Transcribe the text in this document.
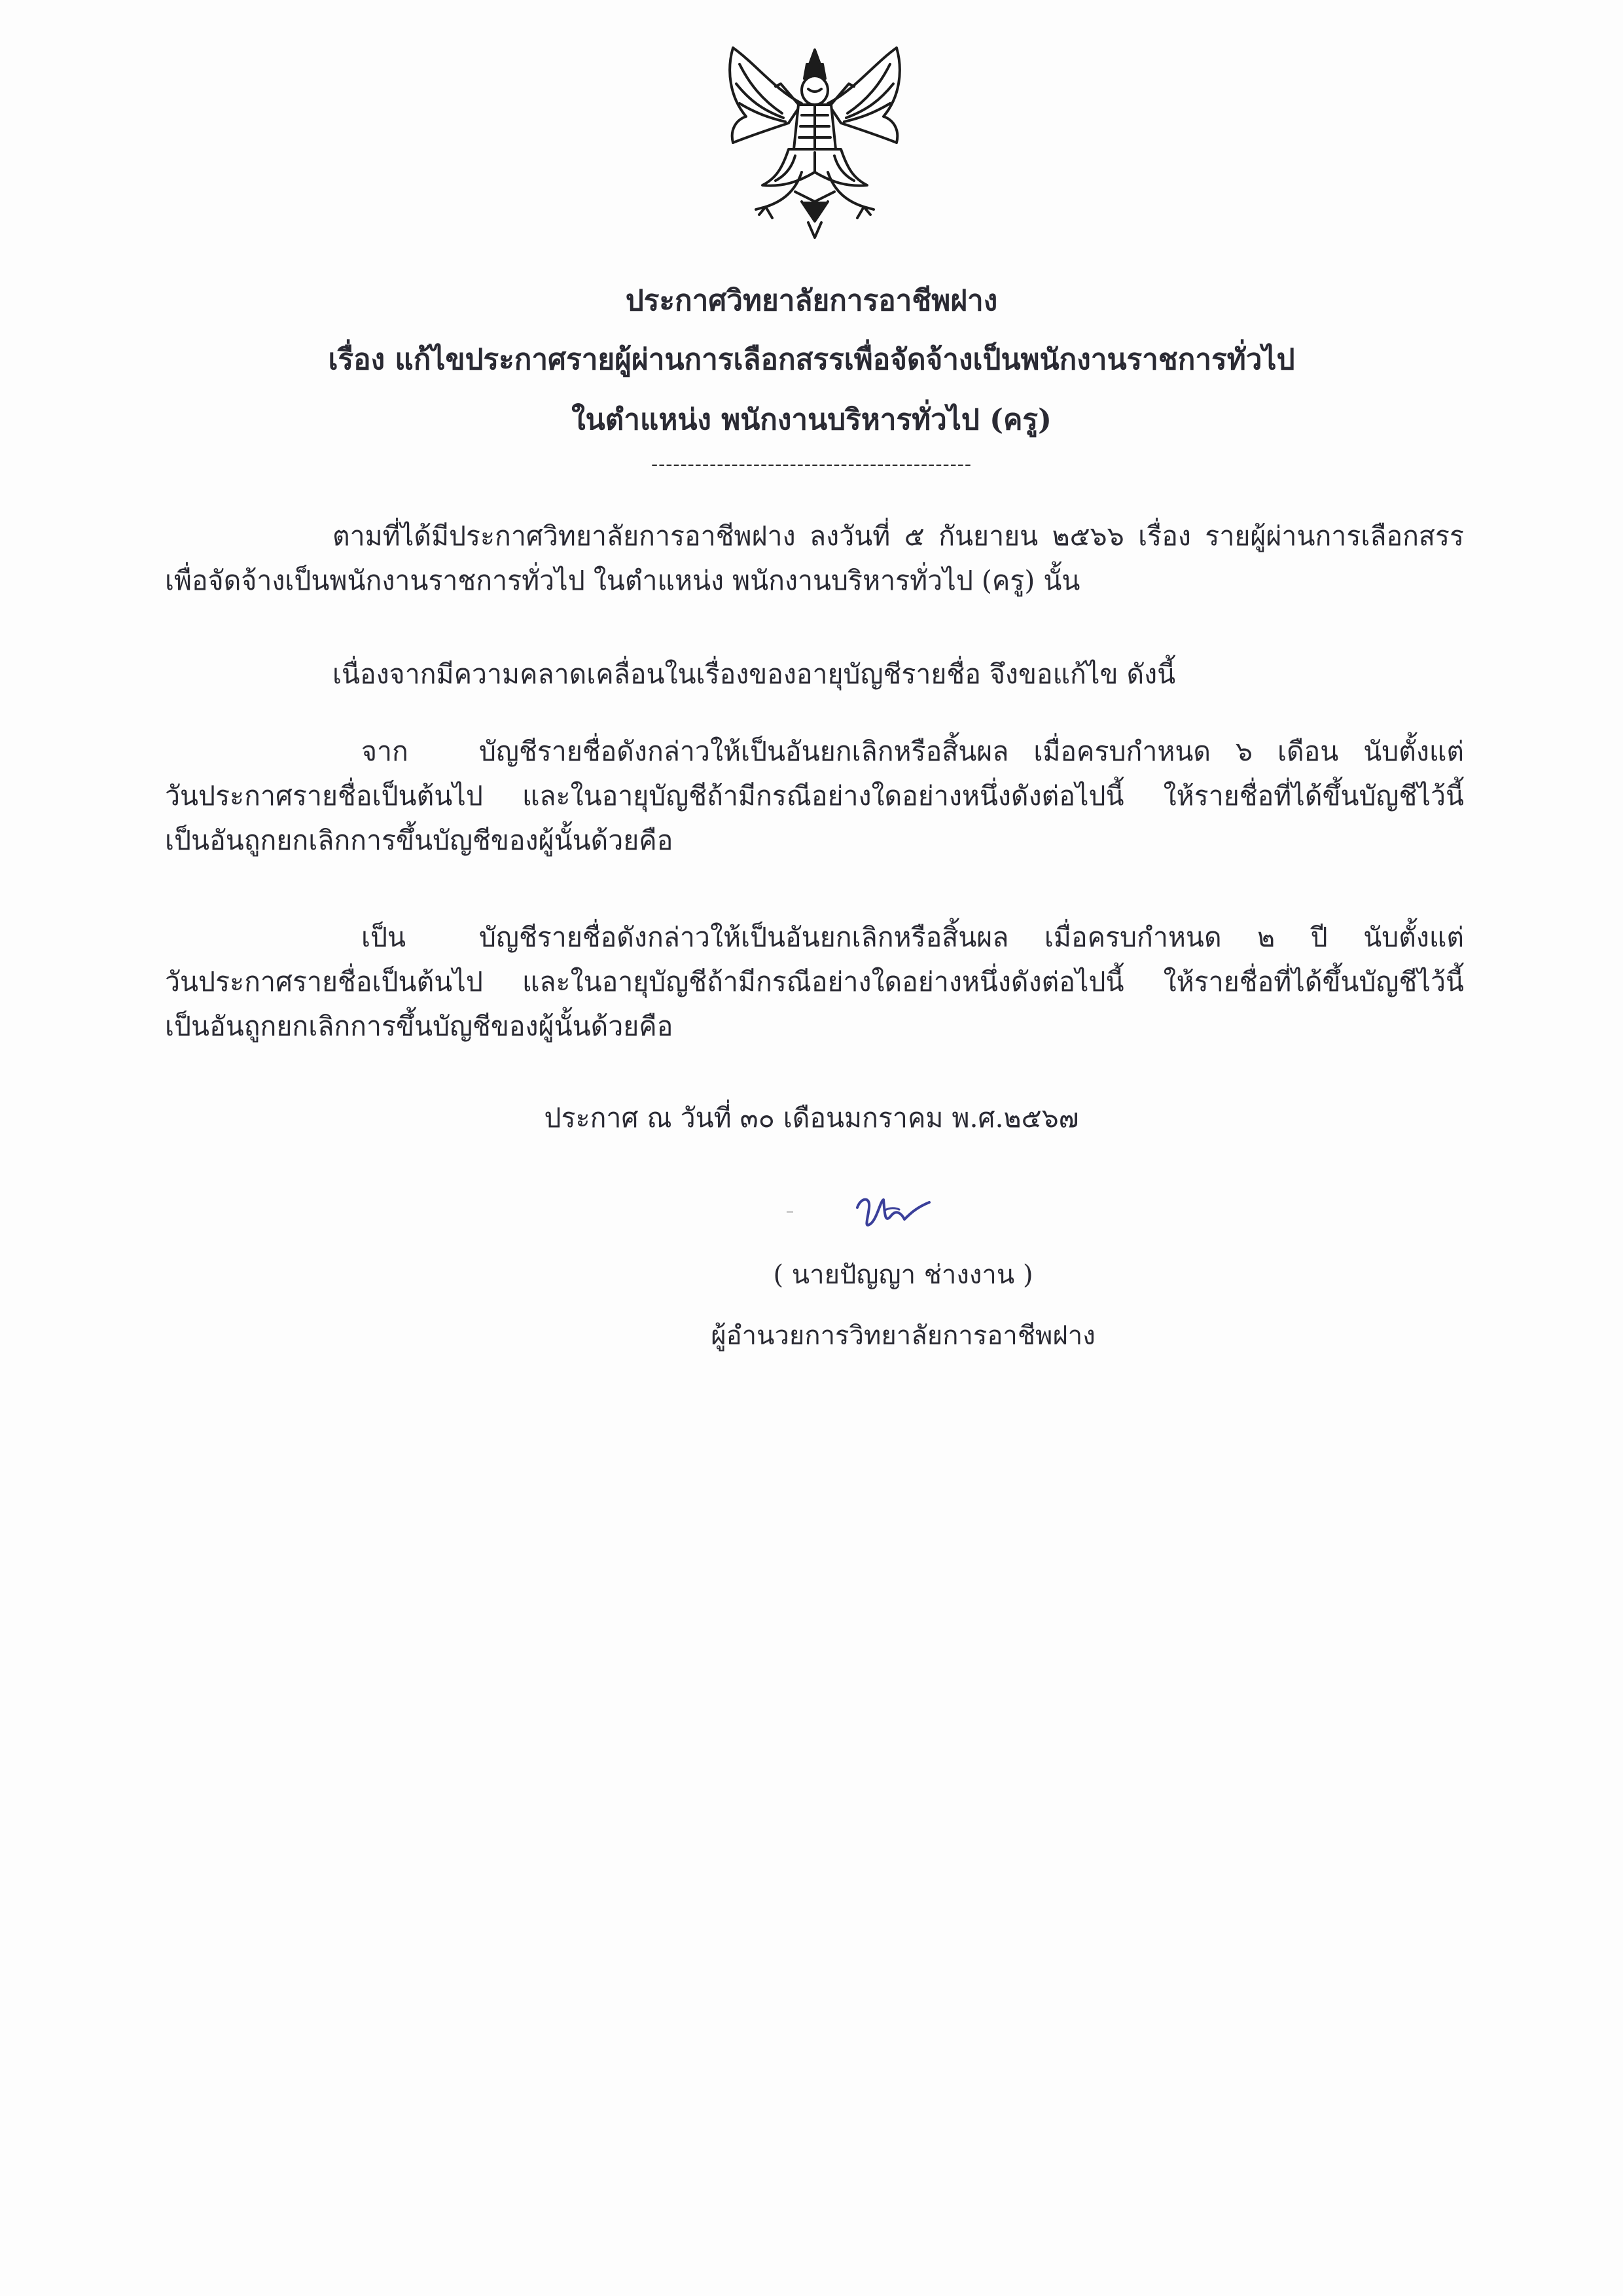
ประกาศวิทยาลัยการอาชีพฝาง
เรื่อง แก้ไขประกาศรายผู้ผ่านการเลือกสรรเพื่อจัดจ้างเป็นพนักงานราชการทั่วไป
ในตำแหน่ง พนักงานบริหารทั่วไป (ครู)
--------------------------------------------
ตามที่ได้มีประกาศวิทยาลัยการอาชีพฝาง ลงวันที่ ๕ กันยายน ๒๕๖๖ เรื่อง รายผู้ผ่านการเลือกสรร
เพื่อจัดจ้างเป็นพนักงานราชการทั่วไป ในตำแหน่ง พนักงานบริหารทั่วไป (ครู) นั้น
เนื่องจากมีความคลาดเคลื่อนในเรื่องของอายุบัญชีรายชื่อ จึงขอแก้ไข ดังนี้
จาก	บัญชีรายชื่อดังกล่าวให้เป็นอันยกเลิกหรือสิ้นผล เมื่อครบกำหนด ๖ เดือน นับตั้งแต่
วันประกาศรายชื่อเป็นต้นไป และในอายุบัญชีถ้ามีกรณีอย่างใดอย่างหนึ่งดังต่อไปนี้ ให้รายชื่อที่ได้ขึ้นบัญชีไว้นี้
เป็นอันถูกยกเลิกการขึ้นบัญชีของผู้นั้นด้วยคือ
เป็น	บัญชีรายชื่อดังกล่าวให้เป็นอันยกเลิกหรือสิ้นผล เมื่อครบกำหนด ๒ ปี นับตั้งแต่
วันประกาศรายชื่อเป็นต้นไป และในอายุบัญชีถ้ามีกรณีอย่างใดอย่างหนึ่งดังต่อไปนี้ ให้รายชื่อที่ได้ขึ้นบัญชีไว้นี้
เป็นอันถูกยกเลิกการขึ้นบัญชีของผู้นั้นด้วยคือ
ประกาศ ณ วันที่ ๓๐ เดือนมกราคม พ.ศ.๒๕๖๗
( นายปัญญา ช่างงาน )
ผู้อำนวยการวิทยาลัยการอาชีพฝาง
